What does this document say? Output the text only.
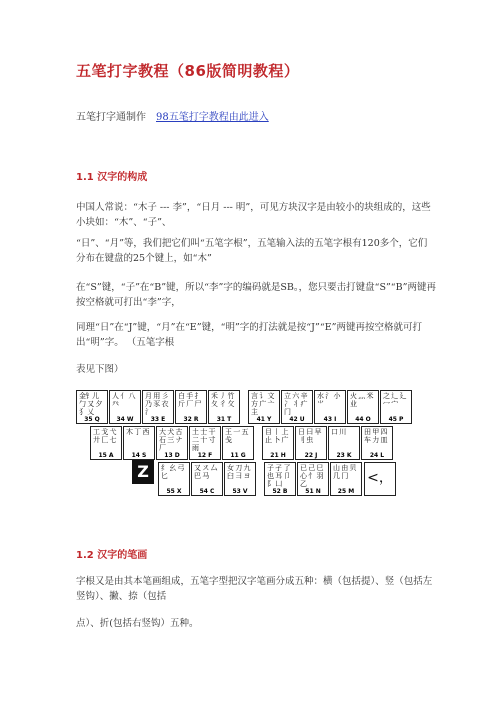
五笔打字教程（86版简明教程）
五笔打字通制作 98五笔打字教程由此进入
1.1 汉字的构成
中国人常说：“木子 --- 李”，“日月 --- 明”，可见方块汉字是由较小的块组成的，这些小块如：“木”、“子”、
“日”、“月”等，我们把它们叫“五笔字根”，五笔输入法的五笔字根有120多个，它们分布在键盘的25个键上，如“木”
在“S”键，“子”在“B”键，所以“李”字的编码就是SB。，您只要击打键盘“S”“B”两键再按空格就可打出“李”字，
同理“日”在“J”键，“月”在“E”键，“明”字的打法就是按“J”“E”两键再按空格就可打出“明”字。 （五笔字根
表见下图）
金钅儿 勹 又 夕 犭 乂
35 Q
人 亻 八 癶
34 W
月 用 彡 乃 豕 衣 氵
33 E
白 手 扌 斤 厂 尸
32 R
禾 丿 竹 夂 彳 攵
31 T
言 讠 文 方 广 亠 主
41 Y
立 六 辛 冫 丬 疒 门
42 U
水 氵 小 ⺌
43 I
火 灬 米 业
44 O
之 辶 廴 冖 宀
45 P
工 戈 弋 廾 匚 七
15 A
木 丁 西
14 S
大 犬 古 石 三 ナ 厂
13 D
土 士 干 二 十 寸 雨
12 F
王 一 五 戋
11 G
目 丨 上 止 卜 广
21 H
日 曰 早 刂 虫
22 J
口 川
23 K
田 甲 四 车 力 皿
24 L
Z	纟 幺 弓 匕
55 X
又 ス 厶 巴 马
54 C
女 刀 九 臼 彐 ヨ
53 V
子 孑 了 也 耳 卩 阝 凵
52 B
已 己 巳 心 忄 羽 乙
51 N
山 由 贝 几 冂
25 M
<，
1.2 汉字的笔画
字根又是由其本笔画组成，五笔字型把汉字笔画分成五种：横（包括提）、竖（包括左竖钩）、撇、捺（包括
点）、折(包括右竖钩）五种。
